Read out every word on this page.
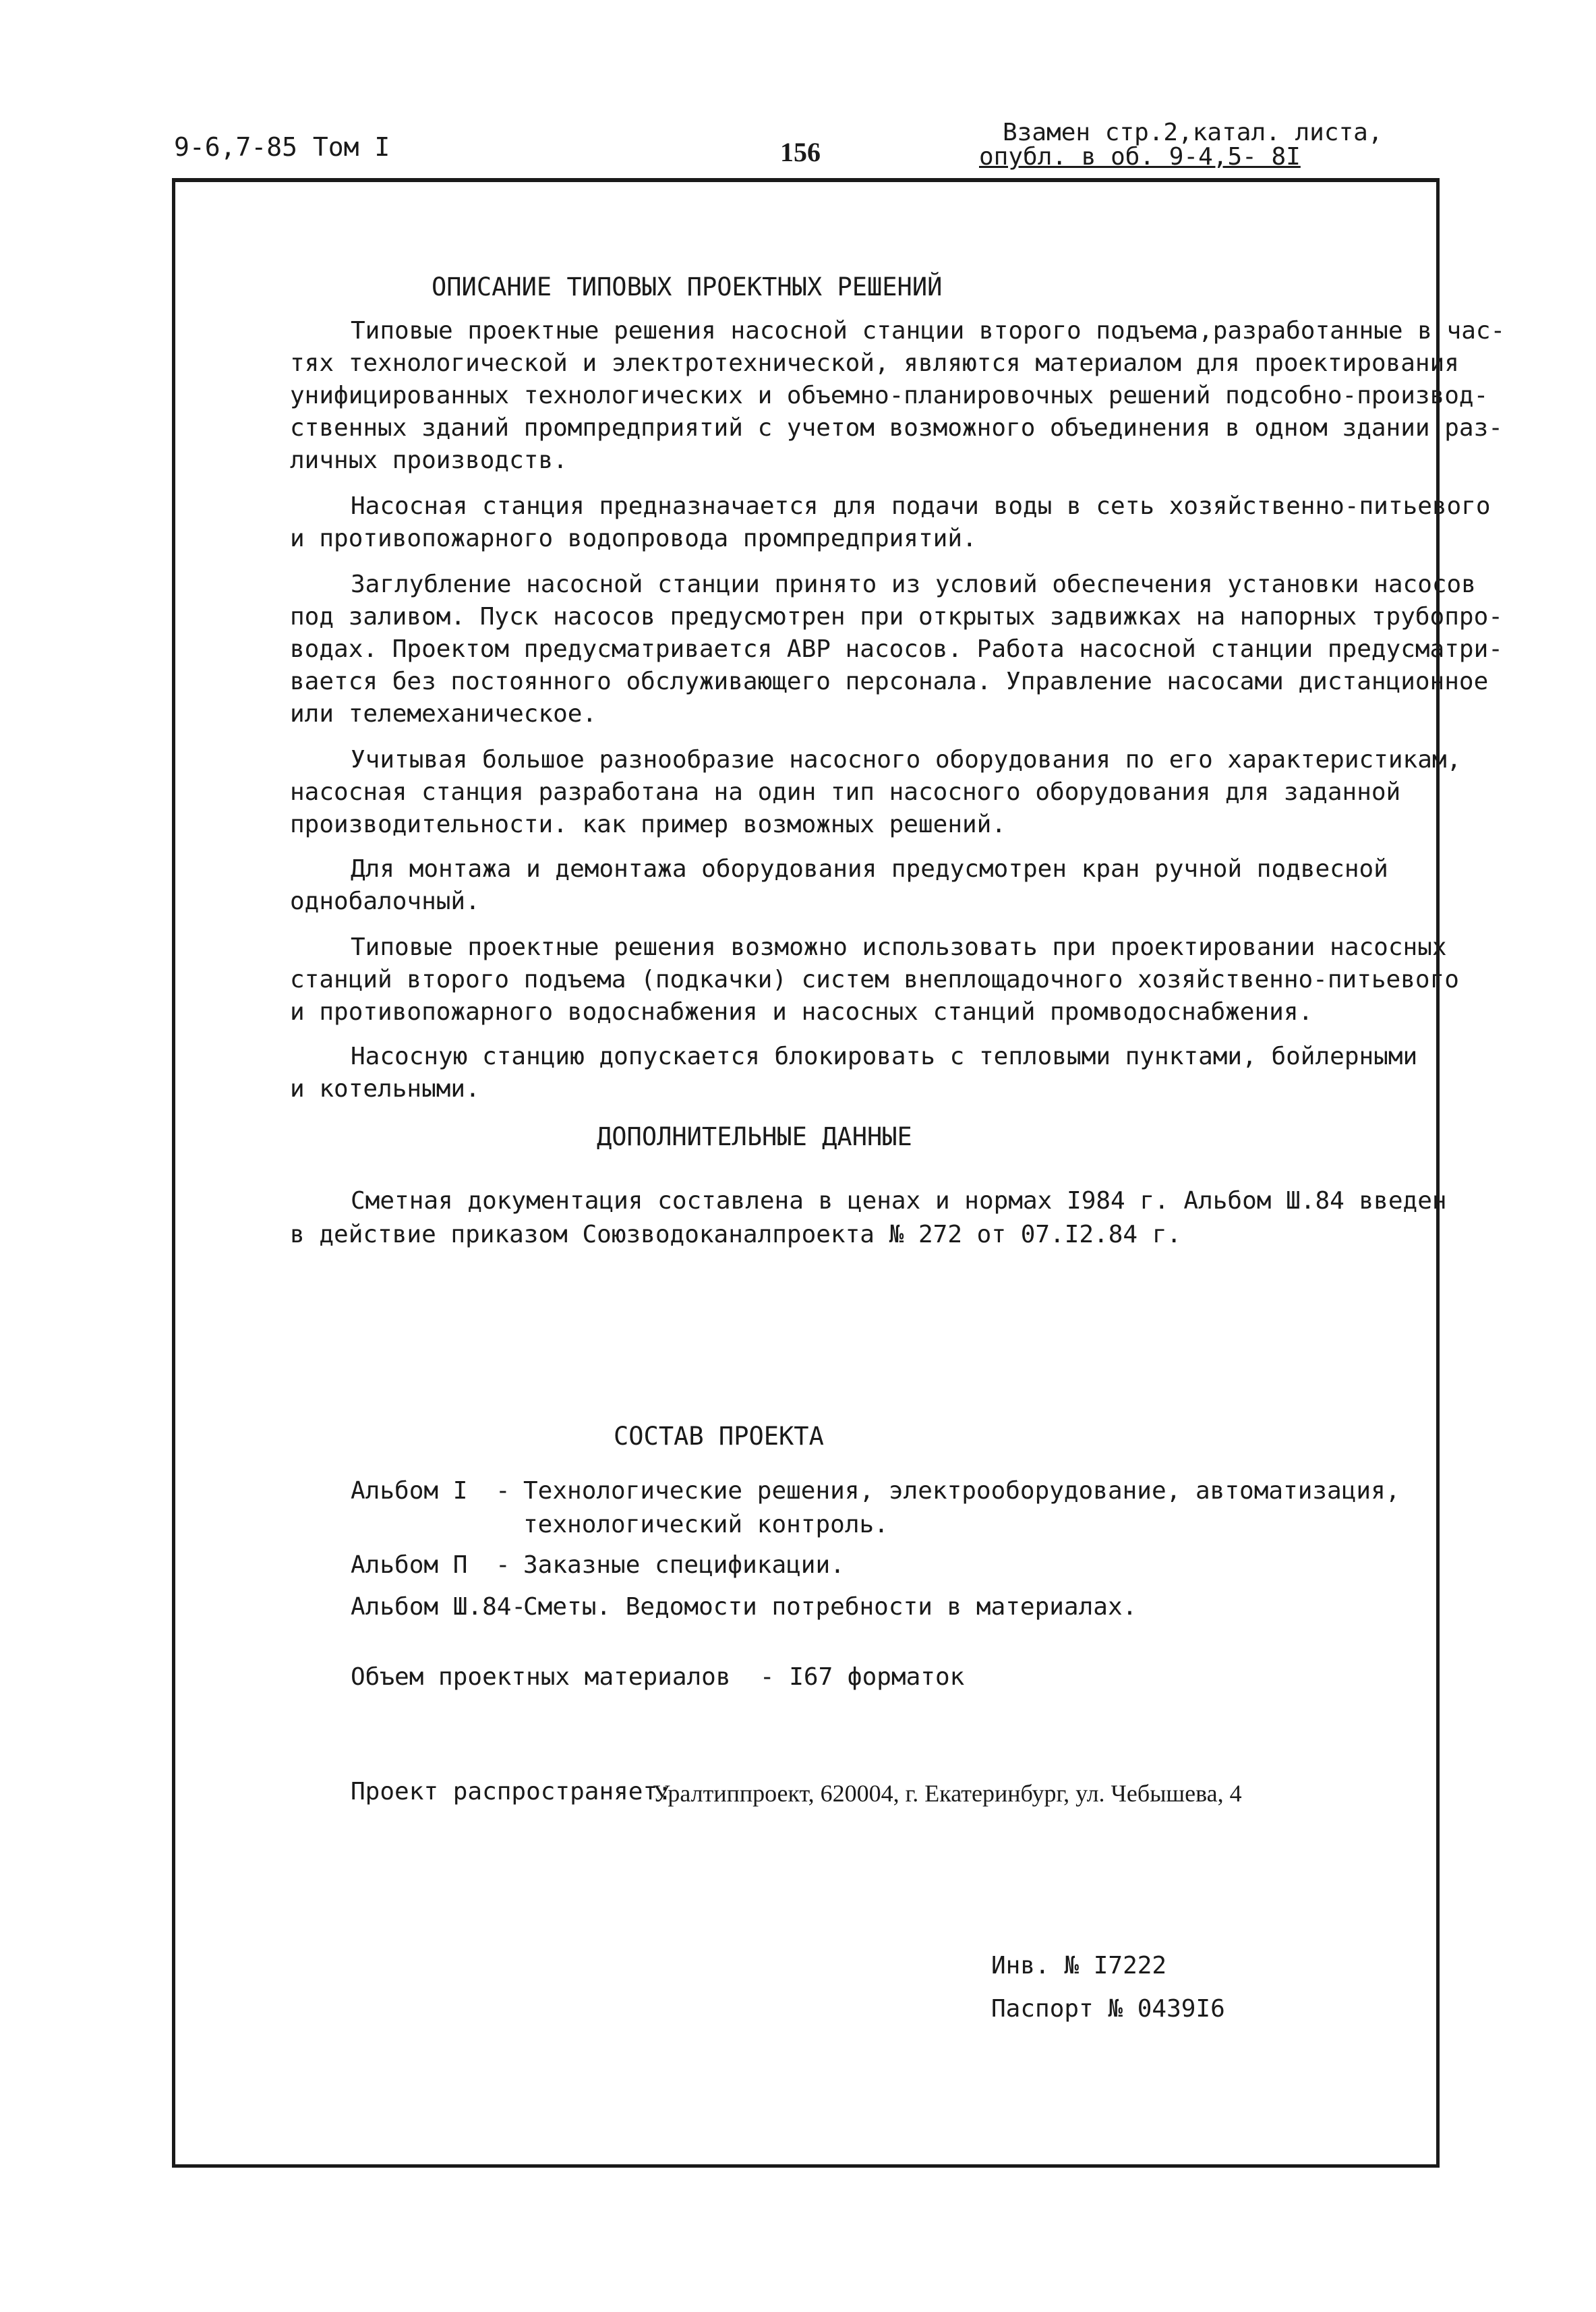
9-6,7-85 Том I	156
Взамен стр.2,катал. листа,
опубл. в об. 9-4,5- 8I
ОПИСАНИЕ ТИПОВЫХ ПРОЕКТНЫХ РЕШЕНИЙ
Типовые проектные решения насосной станции второго подъема,разработанные в час-
тях технологической и электротехнической, являются материалом для проектирования
унифицированных технологических и объемно-планировочных решений подсобно-производ-
ственных зданий промпредприятий с учетом возможного объединения в одном здании раз-
личных производств.
Насосная станция предназначается для подачи воды в сеть хозяйственно-питьевого
и противопожарного водопровода промпредприятий.
Заглубление насосной станции принято из условий обеспечения установки насосов
под заливом. Пуск насосов предусмотрен при открытых задвижках на напорных трубопро-
водах. Проектом предусматривается АВР насосов. Работа насосной станции предусматри-
вается без постоянного обслуживающего персонала. Управление насосами дистанционное
или телемеханическое.
Учитывая большое разнообразие насосного оборудования по его характеристикам,
насосная станция разработана на один тип насосного оборудования для заданной
производительности. как пример возможных решений.
Для монтажа и демонтажа оборудования предусмотрен кран ручной подвесной
однобалочный.
Типовые проектные решения возможно использовать при проектировании насосных
станций второго подъема (подкачки) систем внеплощадочного хозяйственно-питьевого
и противопожарного водоснабжения и насосных станций промводоснабжения.
Насосную станцию допускается блокировать с тепловыми пунктами, бойлерными
и котельными.
ДОПОЛНИТЕЛЬНЫЕ ДАННЫЕ
Сметная документация составлена в ценах и нормах I984 г. Альбом Ш.84 введен
в действие приказом Союзводоканалпроекта № 272 от 07.I2.84 г.
СОСТАВ ПРОЕКТА
Альбом I - Технологические решения, электрооборудование, автоматизация,
технологический контроль.
Альбом П - Заказные спецификации.
Альбом Ш.84-
Сметы. Ведомости потребности в материалах.
Объем проектных материалов  - I67 форматок
Проект распространяет:
Уралтиппроект, 620004, г. Екатеринбург, ул. Чебышева, 4
Инв. № I7222
Паспорт № 0439I6
